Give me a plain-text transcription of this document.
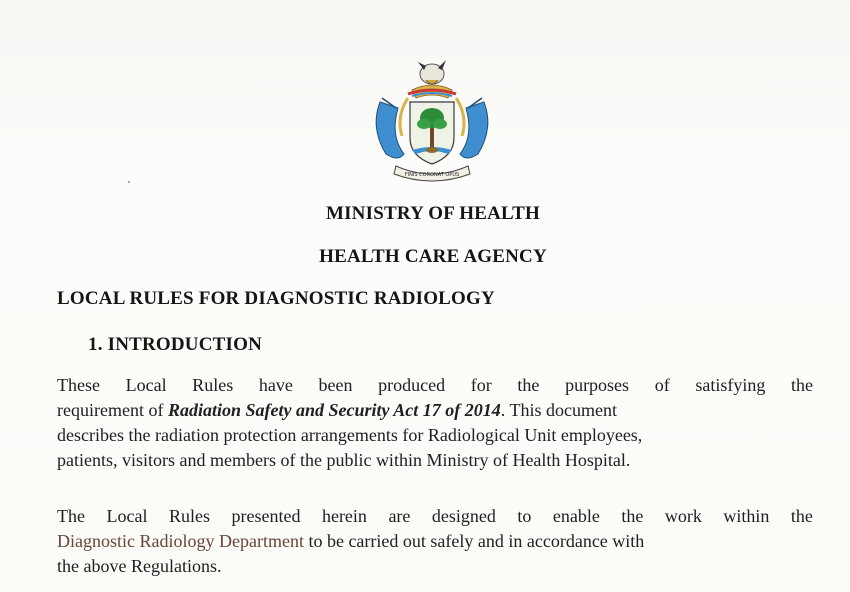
FINIS CORONAT OPUS
MINISTRY OF HEALTH
HEALTH CARE AGENCY
LOCAL RULES FOR DIAGNOSTIC RADIOLOGY
1. INTRODUCTION
These Local Rules have been produced for the purposes of satisfying the
requirement of Radiation Safety and Security Act 17 of 2014. This document
describes the radiation protection arrangements for Radiological Unit employees,
patients, visitors and members of the public within Ministry of Health Hospital.
The Local Rules presented herein are designed to enable the work within the
Diagnostic Radiology Department to be carried out safely and in accordance with
the above Regulations.
